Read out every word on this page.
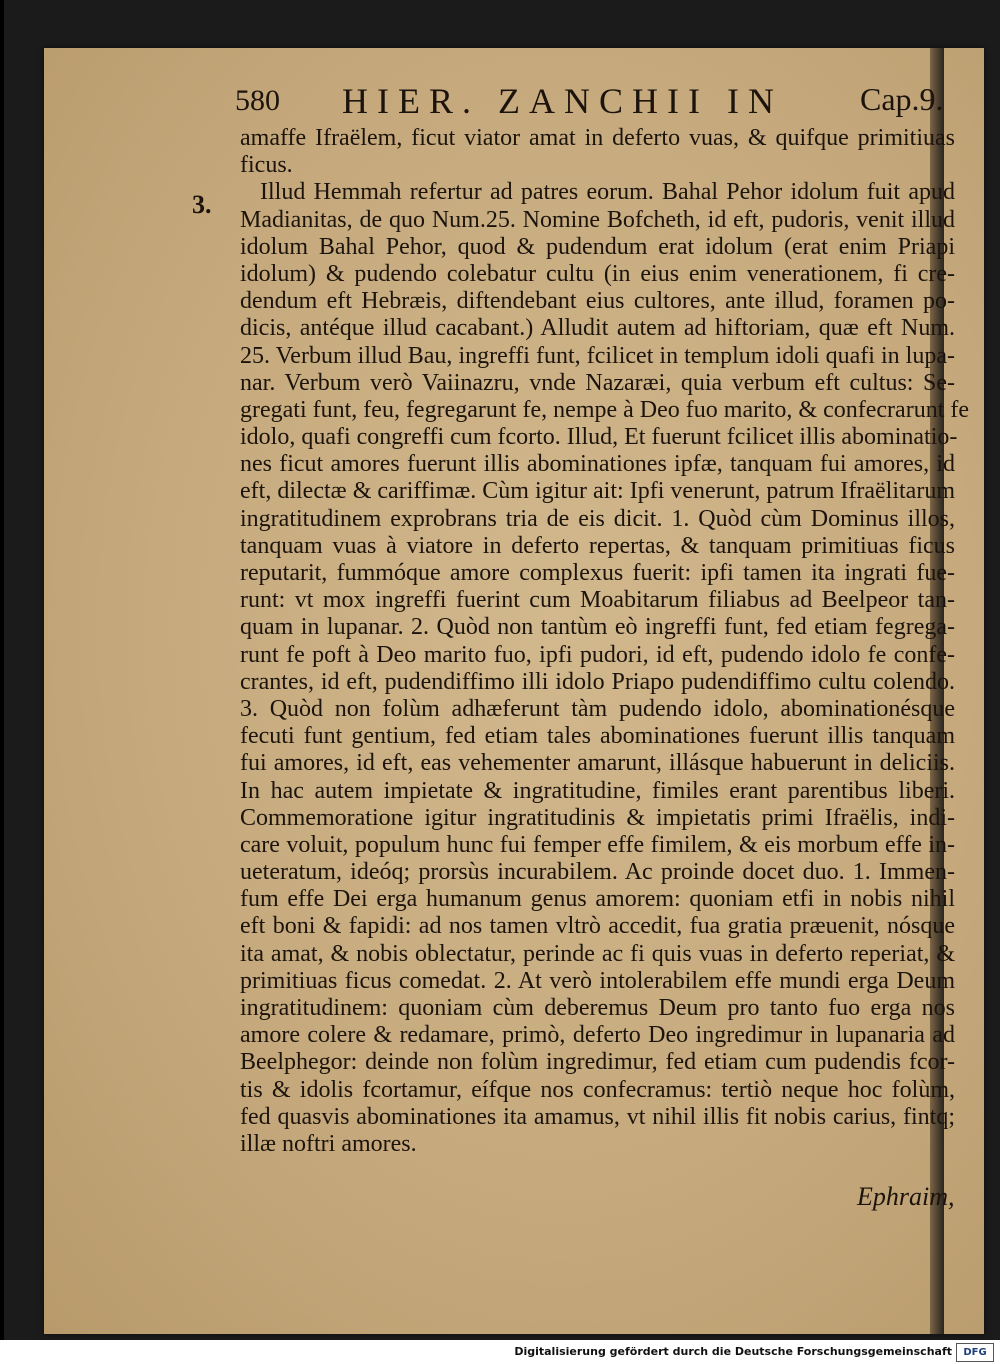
580 HIER. ZANCHII IN Cap.9.
3.
amaffe Ifraëlem, ficut viator amat in deferto vuas, & quifque primitiuas
ficus.
Illud Hemmah refertur ad patres eorum. Bahal Pehor idolum fuit apud
Madianitas, de quo Num.25. Nomine Bofcheth, id eft, pudoris, venit illud
idolum Bahal Pehor, quod & pudendum erat idolum (erat enim Priapi
idolum) & pudendo colebatur cultu (in eius enim venerationem, fi cre-
dendum eft Hebræis, diftendebant eius cultores, ante illud, foramen po-
dicis, antéque illud cacabant.) Alludit autem ad hiftoriam, quæ eft Num.
25. Verbum illud Bau, ingreffi funt, fcilicet in templum idoli quafi in lupa-
nar. Verbum verò Vaiinazru, vnde Nazaræi, quia verbum eft cultus: Se-
gregati funt, feu, fegregarunt fe, nempe à Deo fuo marito, & confecrarunt fe
idolo, quafi congreffi cum fcorto. Illud, Et fuerunt fcilicet illis abominatio-
nes ficut amores fuerunt illis abominationes ipfæ, tanquam fui amores, id
eft, dilectæ & cariffimæ. Cùm igitur ait: Ipfi venerunt, patrum Ifraëlitarum
ingratitudinem exprobrans tria de eis dicit. 1. Quòd cùm Dominus illos,
tanquam vuas à viatore in deferto repertas, & tanquam primitiuas ficus
reputarit, fummóque amore complexus fuerit: ipfi tamen ita ingrati fue-
runt: vt mox ingreffi fuerint cum Moabitarum filiabus ad Beelpeor tan-
quam in lupanar. 2. Quòd non tantùm eò ingreffi funt, fed etiam fegrega-
runt fe poft à Deo marito fuo, ipfi pudori, id eft, pudendo idolo fe confe-
crantes, id eft, pudendiffimo illi idolo Priapo pudendiffimo cultu colendo.
3. Quòd non folùm adhæferunt tàm pudendo idolo, abominationésque
fecuti funt gentium, fed etiam tales abominationes fuerunt illis tanquam
fui amores, id eft, eas vehementer amarunt, illásque habuerunt in deliciis.
In hac autem impietate & ingratitudine, fimiles erant parentibus liberi.
Commemoratione igitur ingratitudinis & impietatis primi Ifraëlis, indi-
care voluit, populum hunc fui femper effe fimilem, & eis morbum effe in-
ueteratum, ideóq; prorsùs incurabilem. Ac proinde docet duo. 1. Immen-
fum effe Dei erga humanum genus amorem: quoniam etfi in nobis nihil
eft boni & fapidi: ad nos tamen vltrò accedit, fua gratia præuenit, nósque
ita amat, & nobis oblectatur, perinde ac fi quis vuas in deferto reperiat, &
primitiuas ficus comedat. 2. At verò intolerabilem effe mundi erga Deum
ingratitudinem: quoniam cùm deberemus Deum pro tanto fuo erga nos
amore colere & redamare, primò, deferto Deo ingredimur in lupanaria ad
Beelphegor: deinde non folùm ingredimur, fed etiam cum pudendis fcor-
tis & idolis fcortamur, eífque nos confecramus: tertiò neque hoc folùm,
fed quasvis abominationes ita amamus, vt nihil illis fit nobis carius, fintq;
illæ noftri amores.
Ephraim,
Digitalisierung gefördert durch die Deutsche Forschungsgemeinschaft	DFG
